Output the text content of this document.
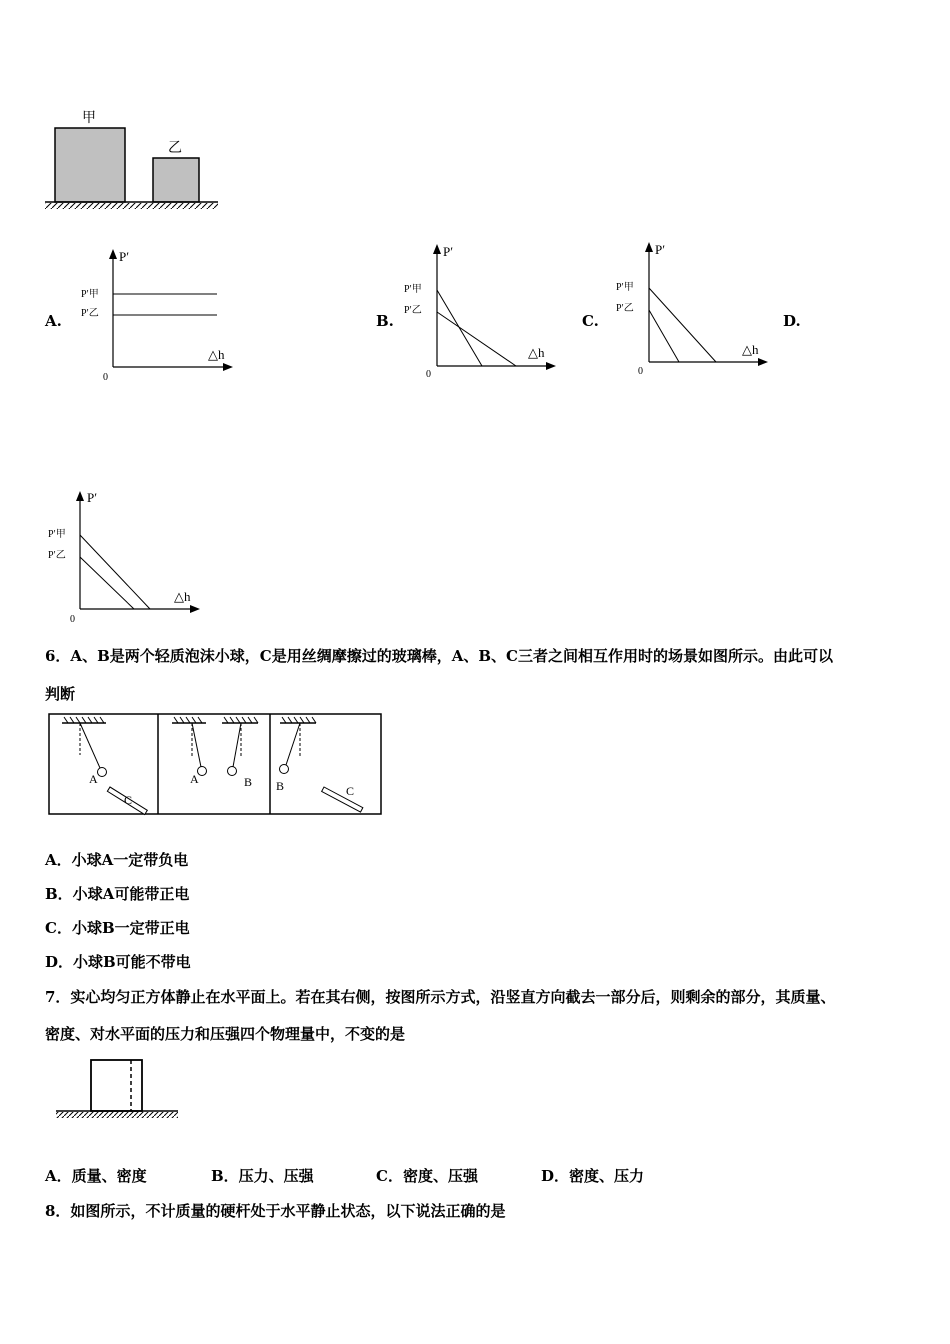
甲
乙
A.
P′
△h
0
P′甲
P′乙	B.
P′
△h
0
P′甲
P′乙
C.
P′
△h
0
P′甲
P′乙
D.
P′
△h
0
P′甲
P′乙
6．A、B是两个轻质泡沫小球，C是用丝绸摩擦过的玻璃棒，A、B、C三者之间相互作用时的场景如图所示。由此可以
判断
A
C
A	B B	C
A．小球A一定带负电
B．小球A可能带正电
C．小球B一定带正电
D．小球B可能不带电
7．实心均匀正方体静止在水平面上。若在其右侧，按图所示方式，沿竖直方向截去一部分后，则剩余的部分，其质量、
密度、对水平面的压力和压强四个物理量中，不变的是
A．质量、密度	B．压力、压强	C．密度、压强	D．密度、压力
8．如图所示，不计质量的硬杆处于水平静止状态，以下说法正确的是
